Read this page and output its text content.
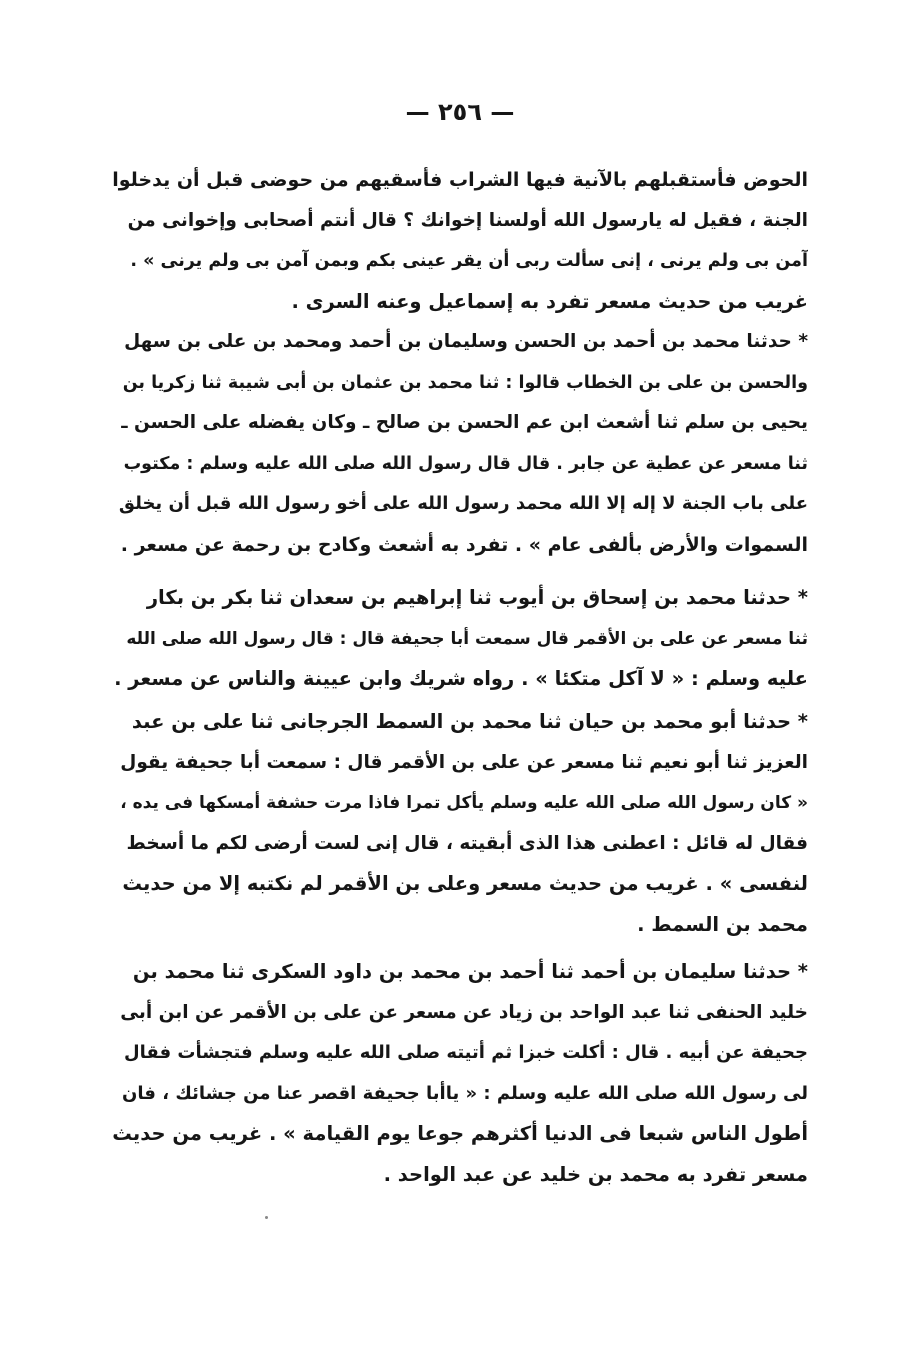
— ٢٥٦ —
الحوض فأستقبلهم بالآنية فيها الشراب فأسقيهم من حوضى قبل أن يدخلوا
الجنة ، فقيل له يارسول الله أولسنا إخوانك ؟ قال أنتم أصحابى وإخوانى من
آمن بى ولم يرنى ، إنى سألت ربى أن يقر عينى بكم وبمن آمن بى ولم يرنى » .
غريب من حديث مسعر تفرد به إسماعيل وعنه السرى .
* حدثنا محمد بن أحمد بن الحسن وسليمان بن أحمد ومحمد بن على بن سهل
والحسن بن على بن الخطاب قالوا : ثنا محمد بن عثمان بن أبى شيبة ثنا زكريا بن
يحيى بن سلم ثنا أشعث ابن عم الحسن بن صالح ـ وكان يفضله على الحسن ـ
ثنا مسعر عن عطية عن جابر . قال قال رسول الله صلى الله عليه وسلم : مكتوب
على باب الجنة لا إله إلا الله محمد رسول الله على أخو رسول الله قبل أن يخلق
السموات والأرض بألفى عام » . تفرد به أشعث وكادح بن رحمة عن مسعر .
* حدثنا محمد بن إسحاق بن أيوب ثنا إبراهيم بن سعدان ثنا بكر بن بكار
ثنا مسعر عن على بن الأقمر قال سمعت أبا جحيفة قال : قال رسول الله صلى الله
عليه وسلم : « لا آكل متكئا » . رواه شريك وابن عيينة والناس عن مسعر .
* حدثنا أبو محمد بن حيان ثنا محمد بن السمط الجرجانى ثنا على بن عبد
العزيز ثنا أبو نعيم ثنا مسعر عن على بن الأقمر قال : سمعت أبا جحيفة يقول
« كان رسول الله صلى الله عليه وسلم يأكل تمرا فاذا مرت حشفة أمسكها فى يده ،
فقال له قائل : اعطنى هذا الذى أبقيته ، قال إنى لست أرضى لكم ما أسخط
لنفسى » . غريب من حديث مسعر وعلى بن الأقمر لم نكتبه إلا من حديث
محمد بن السمط .
* حدثنا سليمان بن أحمد ثنا أحمد بن محمد بن داود السكرى ثنا محمد بن
خليد الحنفى ثنا عبد الواحد بن زياد عن مسعر عن على بن الأقمر عن ابن أبى
جحيفة عن أبيه . قال : أكلت خبزا ثم أتيته صلى الله عليه وسلم فتجشأت فقال
لى رسول الله صلى الله عليه وسلم : « ياأبا جحيفة اقصر عنا من جشائك ، فان
أطول الناس شبعا فى الدنيا أكثرهم جوعا يوم القيامة » . غريب من حديث
مسعر تفرد به محمد بن خليد عن عبد الواحد .
